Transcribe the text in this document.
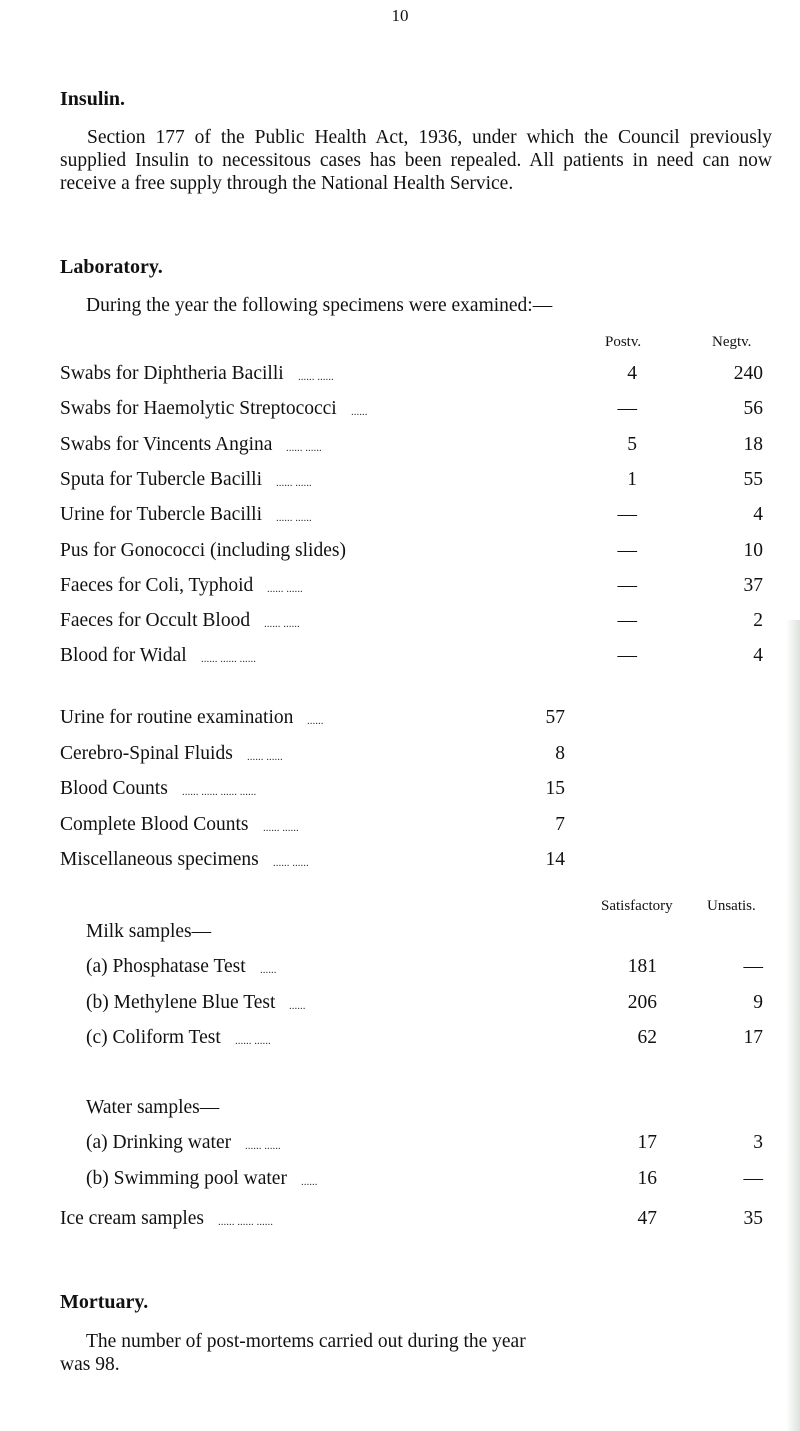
10
Insulin.
Section 177 of the Public Health Act, 1936, under which the Council previously supplied Insulin to necessitous cases has been repealed. All patients in need can now receive a free supply through the National Health Service.
Laboratory.
During the year the following specimens were examined:—
Postv.	Negtv.
Swabs for Diphtheria Bacilli ...... ......	4	240
Swabs for Haemolytic Streptococci ......	—	56
Swabs for Vincents Angina ...... ......	5	18
Sputa for Tubercle Bacilli ...... ......	1	55
Urine for Tubercle Bacilli ...... ......	—	4
Pus for Gonococci (including slides)	—	10
Faeces for Coli, Typhoid ...... ......	—	37
Faeces for Occult Blood ...... ......	—	2
Blood for Widal ...... ...... ......	—	4
Urine for routine examination ......	57
Cerebro-Spinal Fluids ...... ......	8
Blood Counts ...... ...... ...... ......	15
Complete Blood Counts ...... ......	7
Miscellaneous specimens ...... ......	14
Satisfactory Unsatis.
Milk samples—
(a) Phosphatase Test ......	181	—
(b) Methylene Blue Test ......	206	9
(c) Coliform Test ...... ......	62	17
Water samples—
(a) Drinking water ...... ......	17	3
(b) Swimming pool water ......	16	—
Ice cream samples ...... ...... ......	47	35
Mortuary.
The number of post-mortems carried out during the year
was 98.
